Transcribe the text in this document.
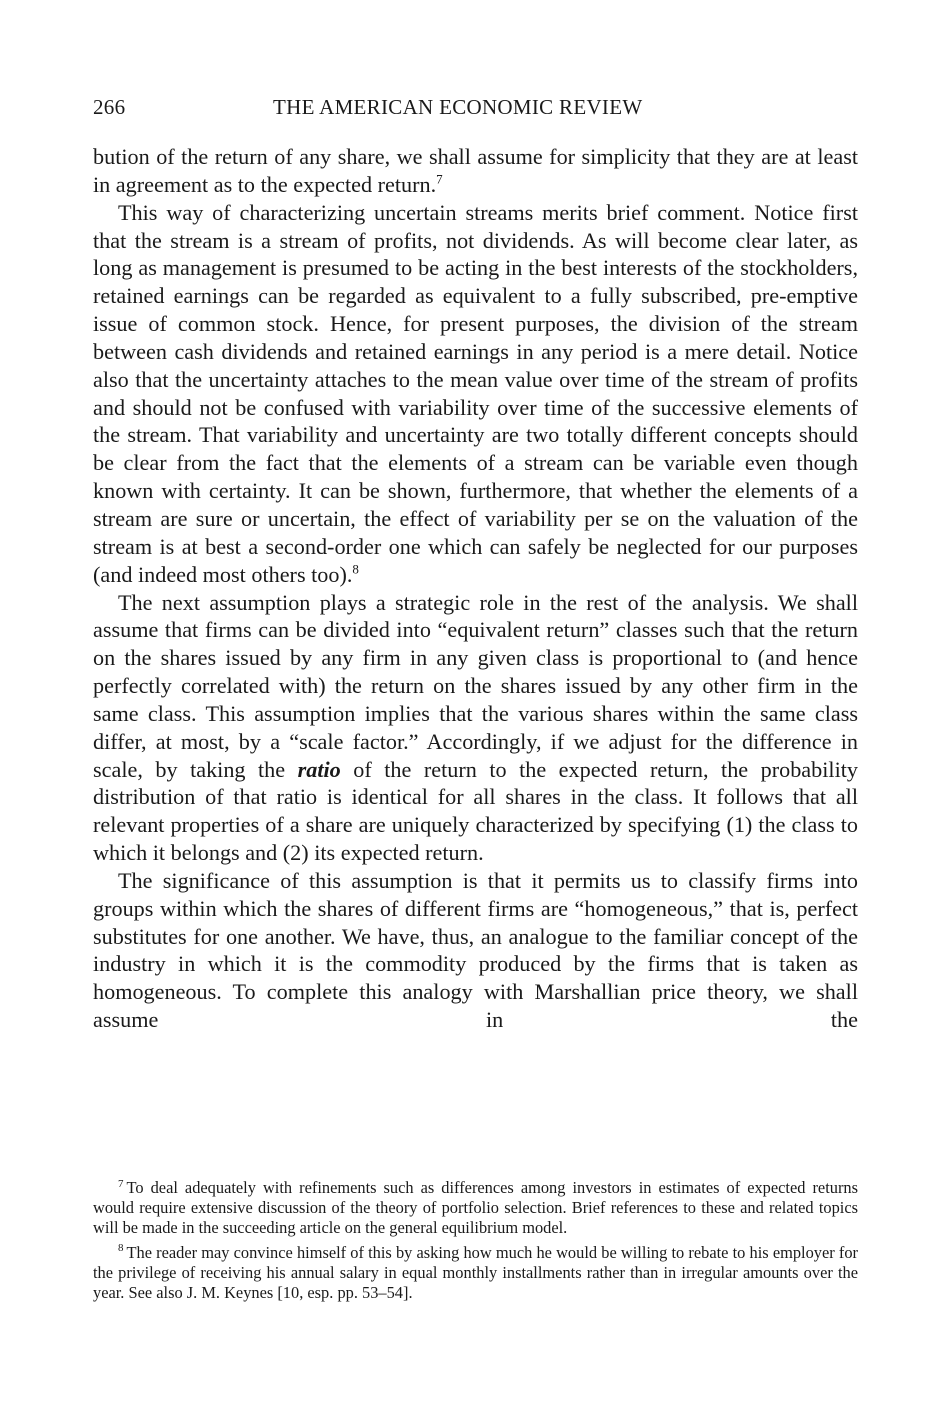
266	THE AMERICAN ECONOMIC REVIEW

bution of the return of any share, we shall assume for simplicity that they are at least in agreement as to the expected return.$^7$

This way of characterizing uncertain streams merits brief comment. Notice first that the stream is a stream of profits, not dividends. As will become clear later, as long as management is presumed to be acting in the best interests of the stockholders, retained earnings can be regarded as equivalent to a fully subscribed, pre-emptive issue of common stock. Hence, for present purposes, the division of the stream between cash dividends and retained earnings in any period is a mere detail. Notice also that the uncertainty attaches to the mean value over time of the stream of profits and should not be confused with variability over time of the successive elements of the stream. That variability and uncertainty are two totally different concepts should be clear from the fact that the elements of a stream can be variable even though known with certainty. It can be shown, furthermore, that whether the elements of a stream are sure or uncertain, the effect of variability per se on the valuation of the stream is at best a second-order one which can safely be neglected for our purposes (and indeed most others too).$^8$

The next assumption plays a strategic role in the rest of the analysis. We shall assume that firms can be divided into “equivalent return” classes such that the return on the shares issued by any firm in any given class is proportional to (and hence perfectly correlated with) the return on the shares issued by any other firm in the same class. This assumption implies that the various shares within the same class differ, at most, by a “scale factor.” Accordingly, if we adjust for the difference in scale, by taking the ratio of the return to the expected return, the probability distribution of that ratio is identical for all shares in the class. It follows that all relevant properties of a share are uniquely characterized by specifying (1) the class to which it belongs and (2) its expected return.

The significance of this assumption is that it permits us to classify firms into groups within which the shares of different firms are “homogeneous,” that is, perfect substitutes for one another. We have, thus, an analogue to the familiar concept of the industry in which it is the commodity produced by the firms that is taken as homogeneous. To complete this analogy with Marshallian price theory, we shall assume in the

$^7$ To deal adequately with refinements such as differences among investors in estimates of expected returns would require extensive discussion of the theory of portfolio selection. Brief references to these and related topics will be made in the succeeding article on the general equilibrium model.

$^8$ The reader may convince himself of this by asking how much he would be willing to rebate to his employer for the privilege of receiving his annual salary in equal monthly installments rather than in irregular amounts over the year. See also J. M. Keynes [10, esp. pp. 53–54].
